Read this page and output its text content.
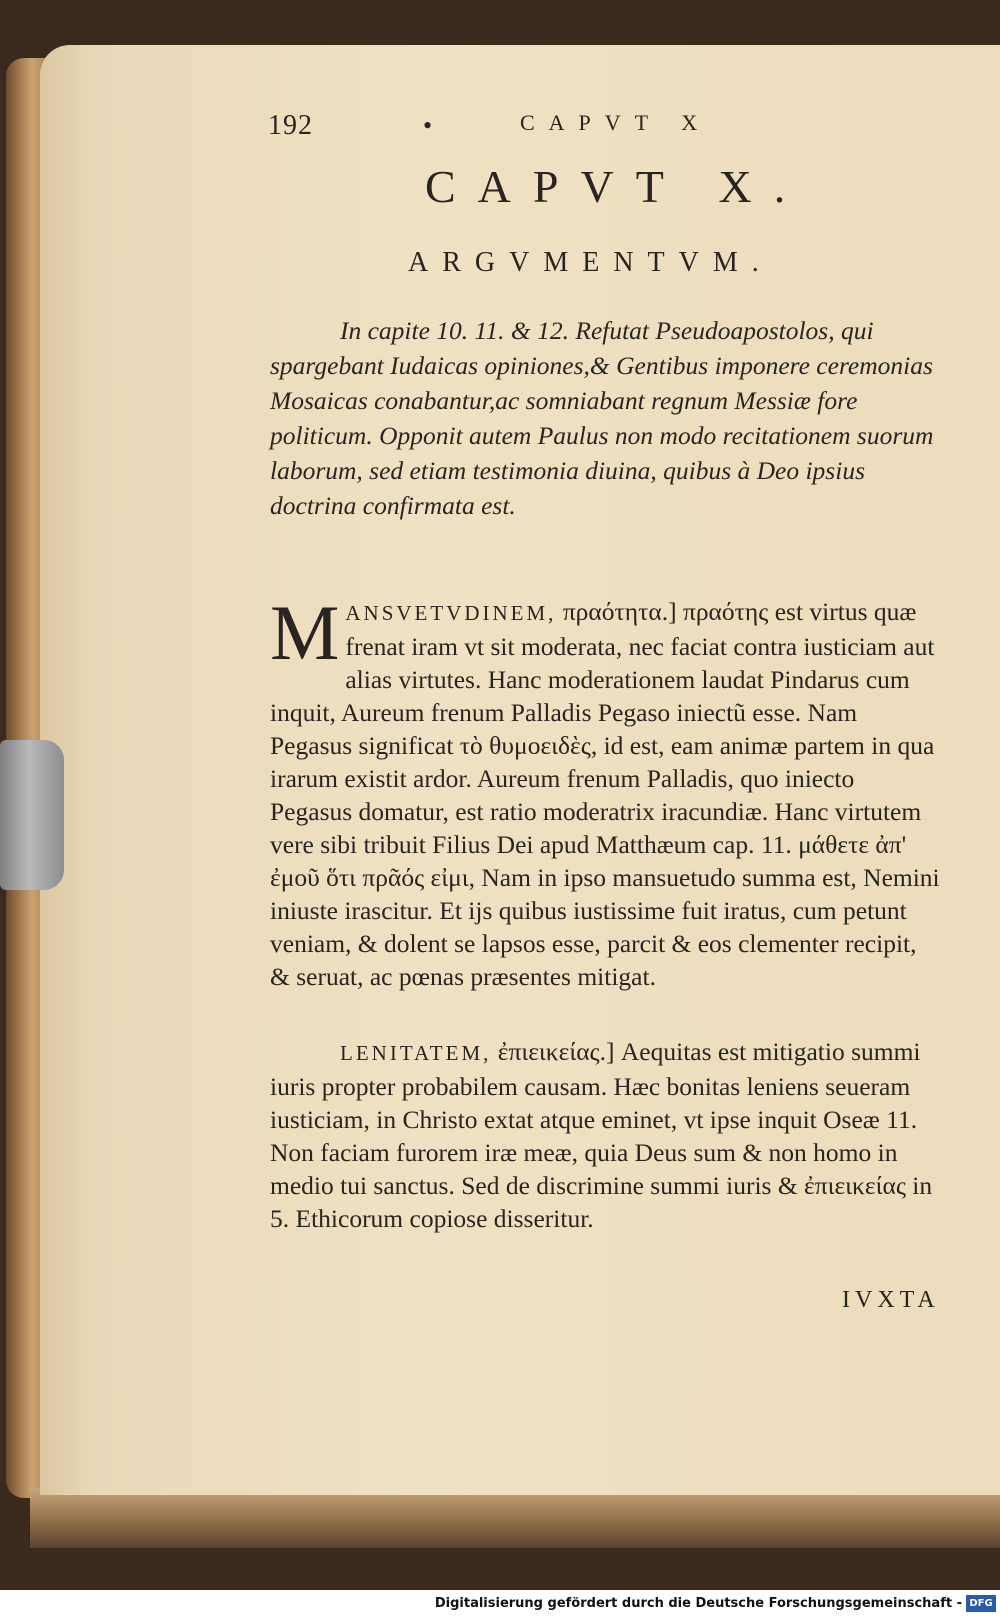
192	•	CAPVT X
CAPVT X.
ARGVMENTVM.

In capite 10. 11. & 12. Refutat Pseudoapostolos, qui spargebant Iudaicas opiniones,& Gentibus imponere ceremonias Mosaicas conabantur,ac somniabant regnum Messiæ fore politicum. Opponit autem Paulus non modo recitationem suorum laborum, sed etiam testimonia diuina, quibus à Deo ipsius doctrina confirmata est.

MANSVETVDINEM, πραότητα.] πραότης est virtus quæ frenat iram vt sit moderata, nec faciat contra iusticiam aut alias virtutes. Hanc moderationem laudat Pindarus cum inquit, Aureum frenum Palladis Pegaso iniectũ esse. Nam Pegasus significat τὸ θυμοειδὲς, id est, eam animæ partem in qua irarum existit ardor. Aureum frenum Palladis, quo iniecto Pegasus domatur, est ratio moderatrix iracundiæ. Hanc virtutem vere sibi tribuit Filius Dei apud Matthæum cap. 11. μάθετε ἀπ' ἐμοῦ ὅτι πρᾶός εἰμι, Nam in ipso mansuetudo summa est, Nemini iniuste irascitur. Et ijs quibus iustissime fuit iratus, cum petunt veniam, & dolent se lapsos esse, parcit & eos clementer recipit, & seruat, ac pœnas præsentes mitigat.

LENITATEM, ἐπιεικείας.] Aequitas est mitigatio summi iuris propter probabilem causam. Hæc bonitas leniens seueram iusticiam, in Christo extat atque eminet, vt ipse inquit Oseæ 11. Non faciam furorem iræ meæ, quia Deus sum & non homo in medio tui sanctus. Sed de discrimine summi iuris & ἐπιεικείας in 5. Ethicorum copiose disseritur.

IVXTA
Digitalisierung gefördert durch die Deutsche Forschungsgemeinschaft - DFG
